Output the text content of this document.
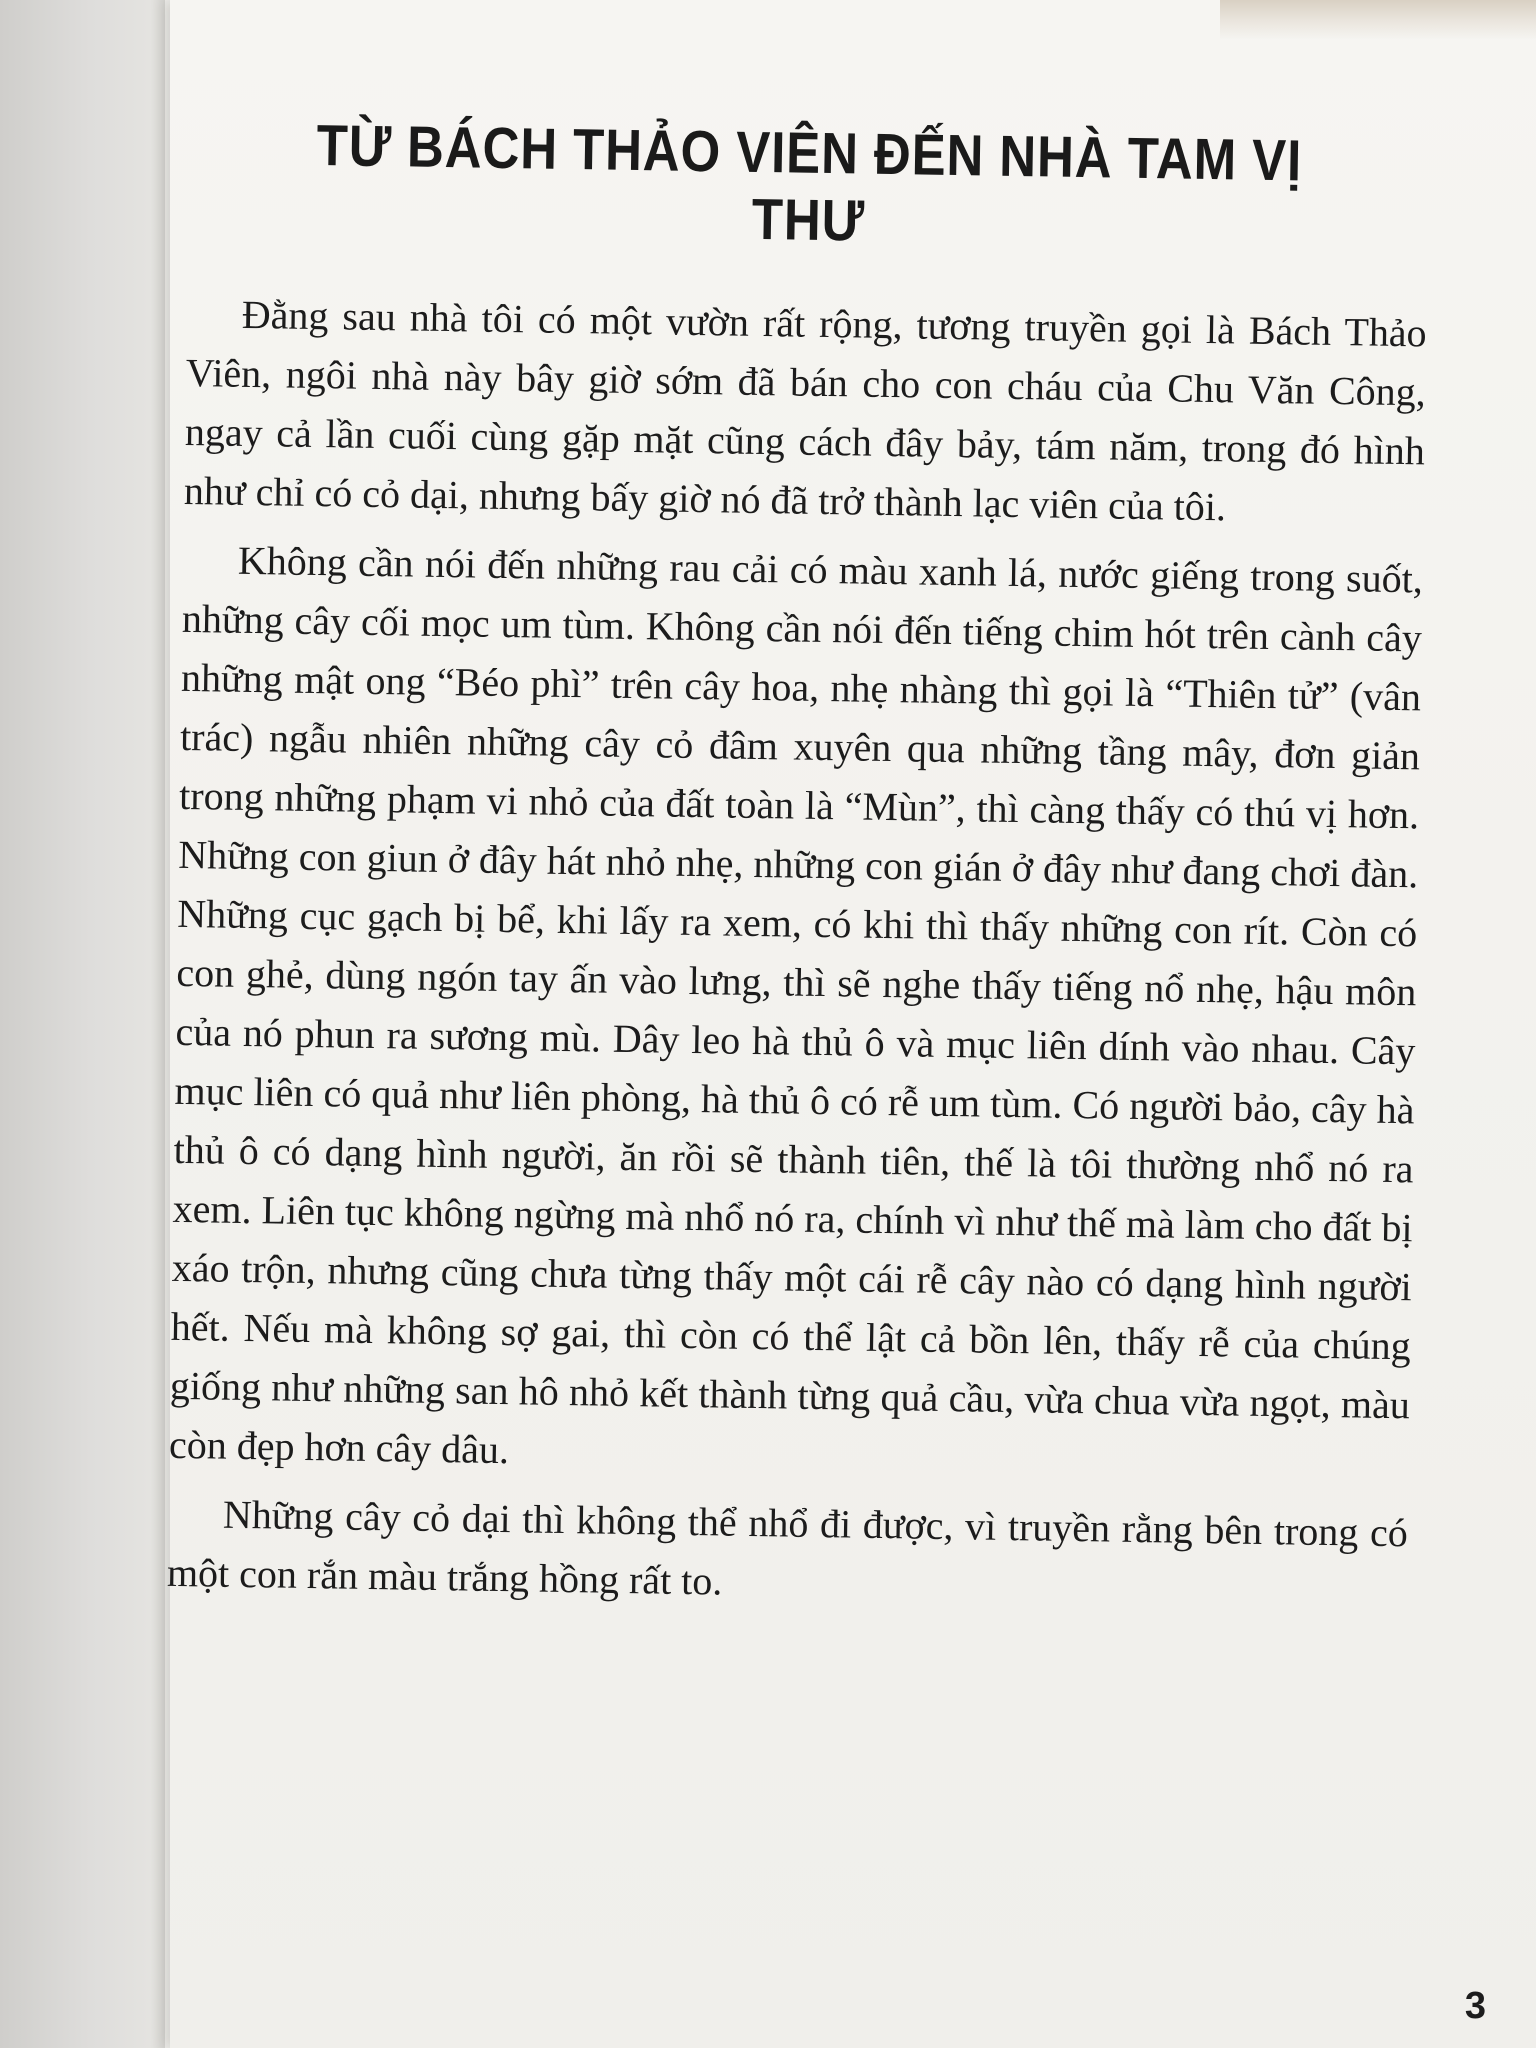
TỪ BÁCH THẢO VIÊN ĐẾN NHÀ TAM VỊ THƯ

Đằng sau nhà tôi có một vườn rất rộng, tương truyền gọi là Bách Thảo Viên, ngôi nhà này bây giờ sớm đã bán cho con cháu của Chu Văn Công, ngay cả lần cuối cùng gặp mặt cũng cách đây bảy, tám năm, trong đó hình như chỉ có cỏ dại, nhưng bấy giờ nó đã trở thành lạc viên của tôi.

Không cần nói đến những rau cải có màu xanh lá, nước giếng trong suốt, những cây cối mọc um tùm. Không cần nói đến tiếng chim hót trên cành cây những mật ong “Béo phì” trên cây hoa, nhẹ nhàng thì gọi là “Thiên tử” (vân trác) ngẫu nhiên những cây cỏ đâm xuyên qua những tầng mây, đơn giản trong những phạm vi nhỏ của đất toàn là “Mùn”, thì càng thấy có thú vị hơn. Những con giun ở đây hát nhỏ nhẹ, những con gián ở đây như đang chơi đàn. Những cục gạch bị bể, khi lấy ra xem, có khi thì thấy những con rít. Còn có con ghẻ, dùng ngón tay ấn vào lưng, thì sẽ nghe thấy tiếng nổ nhẹ, hậu môn của nó phun ra sương mù. Dây leo hà thủ ô và mục liên dính vào nhau. Cây mục liên có quả như liên phòng, hà thủ ô có rễ um tùm. Có người bảo, cây hà thủ ô có dạng hình người, ăn rồi sẽ thành tiên, thế là tôi thường nhổ nó ra xem. Liên tục không ngừng mà nhổ nó ra, chính vì như thế mà làm cho đất bị xáo trộn, nhưng cũng chưa từng thấy một cái rễ cây nào có dạng hình người hết. Nếu mà không sợ gai, thì còn có thể lật cả bồn lên, thấy rễ của chúng giống như những san hô nhỏ kết thành từng quả cầu, vừa chua vừa ngọt, màu còn đẹp hơn cây dâu.

Những cây cỏ dại thì không thể nhổ đi được, vì truyền rằng bên trong có một con rắn màu trắng hồng rất to.

3
